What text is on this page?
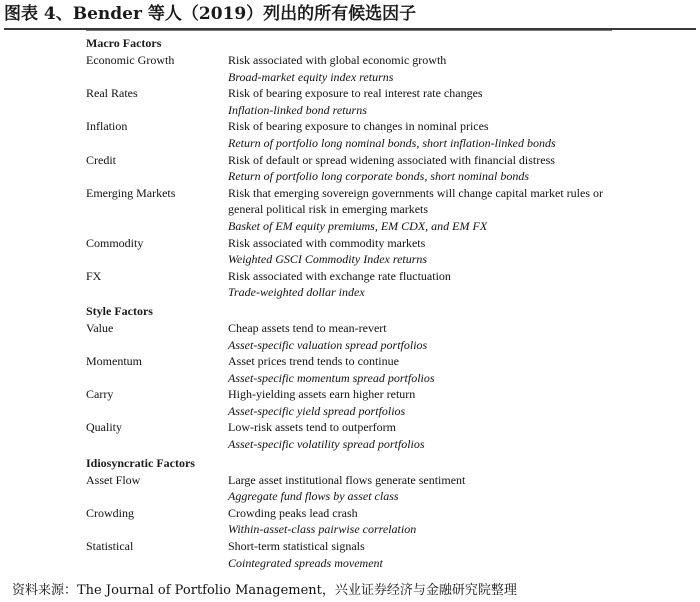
图表 4、Bender 等人（2019）列出的所有候选因子
Macro Factors
Economic Growth	Risk associated with global economic growth
Broad-market equity index returns
Real Rates	Risk of bearing exposure to real interest rate changes
Inflation-linked bond returns
Inflation	Risk of bearing exposure to changes in nominal prices
Return of portfolio long nominal bonds, short inflation-linked bonds
Credit	Risk of default or spread widening associated with financial distress
Return of portfolio long corporate bonds, short nominal bonds
Emerging Markets	Risk that emerging sovereign governments will change capital market rules or
general political risk in emerging markets
Basket of EM equity premiums, EM CDX, and EM FX
Commodity	Risk associated with commodity markets
Weighted GSCI Commodity Index returns
FX	Risk associated with exchange rate fluctuation
Trade-weighted dollar index
Style Factors
Value	Cheap assets tend to mean-revert
Asset-specific valuation spread portfolios
Momentum	Asset prices trend tends to continue
Asset-specific momentum spread portfolios
Carry	High-yielding assets earn higher return
Asset-specific yield spread portfolios
Quality	Low-risk assets tend to outperform
Asset-specific volatility spread portfolios
Idiosyncratic Factors
Asset Flow	Large asset institutional flows generate sentiment
Aggregate fund flows by asset class
Crowding	Crowding peaks lead crash
Within-asset-class pairwise correlation
Statistical	Short-term statistical signals
Cointegrated spreads movement
资料来源：The Journal of Portfolio Management，兴业证券经济与金融研究院整理
